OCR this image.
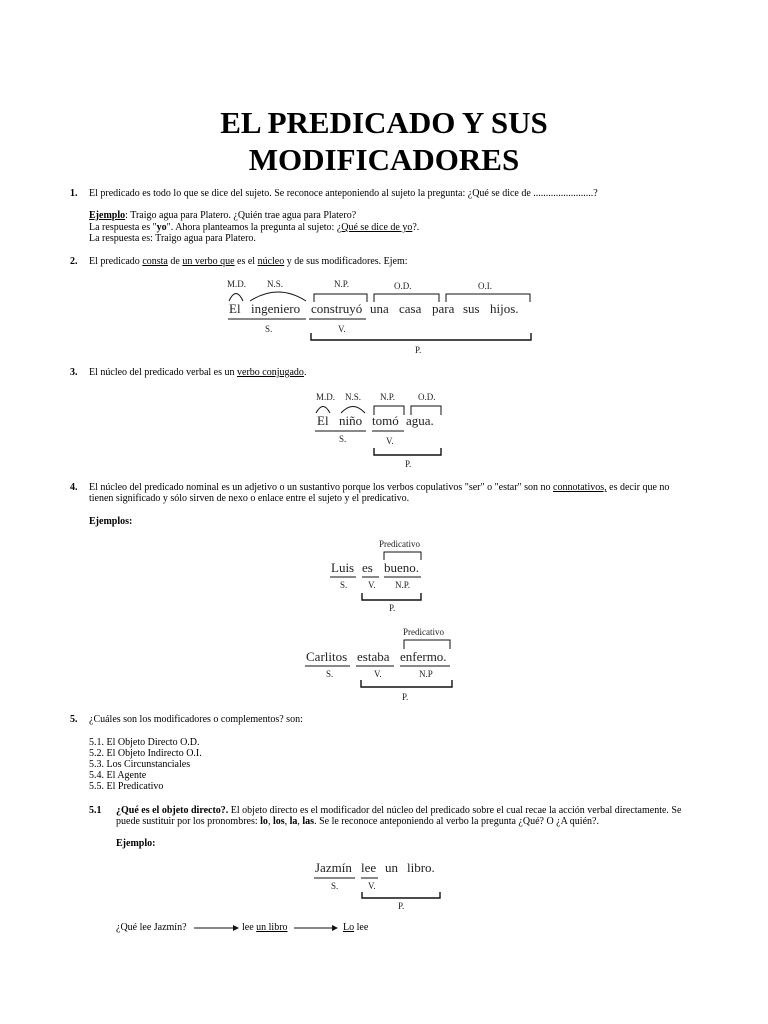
EL PREDICADO Y SUS
MODIFICADORES
1. El predicado es todo lo que se dice del sujeto. Se reconoce anteponiendo al sujeto la pregunta: ¿Qué se dice de ........................?
Ejemplo: Traigo agua para Platero. ¿Quién trae agua para Platero?
La respuesta es "yo". Ahora planteamos la pregunta al sujeto: ¿Qué se dice de yo?.
La respuesta es: Traigo agua para Platero.
2. El predicado consta de un verbo que es el núcleo y de sus modificadores. Ejem:
M.D. N.S.	N.P.	O.D.	O.I.
El ingeniero construyó una casa para sus hijos.
S.	V.
P.
3. El núcleo del predicado verbal es un verbo conjugado.
M.D. N.S. N.P.	O.D.
El niño tomó agua.
S.	V.
P.
4. El núcleo del predicado nominal es un adjetivo o un sustantivo porque los verbos copulativos "ser" o "estar" son no connotativos, es decir que no
tienen significado y sólo sirven de nexo o enlace entre el sujeto y el predicativo.
Ejemplos:
Predicativo
Luis es bueno.
S. V. N.P.
P.
Predicativo
Carlitos estaba enfermo.
S.	V.	N.P
P.
5. ¿Cuáles son los modificadores o complementos? son:
5.1. El Objeto Directo O.D.
5.2. El Objeto Indirecto O.I.
5.3. Los Circunstanciales
5.4. El Agente
5.5. El Predicativo
5.1 ¿Qué es el objeto directo?. El objeto directo es el modificador del núcleo del predicado sobre el cual recae la acción verbal directamente. Se
puede sustituir por los pronombres: lo, los, la, las. Se le reconoce anteponiendo al verbo la pregunta ¿Qué? O ¿A quién?.
Ejemplo:
Jazmín lee un libro.
S.	V.
P.
¿Qué lee Jazmín?	lee un libro	Lo lee
